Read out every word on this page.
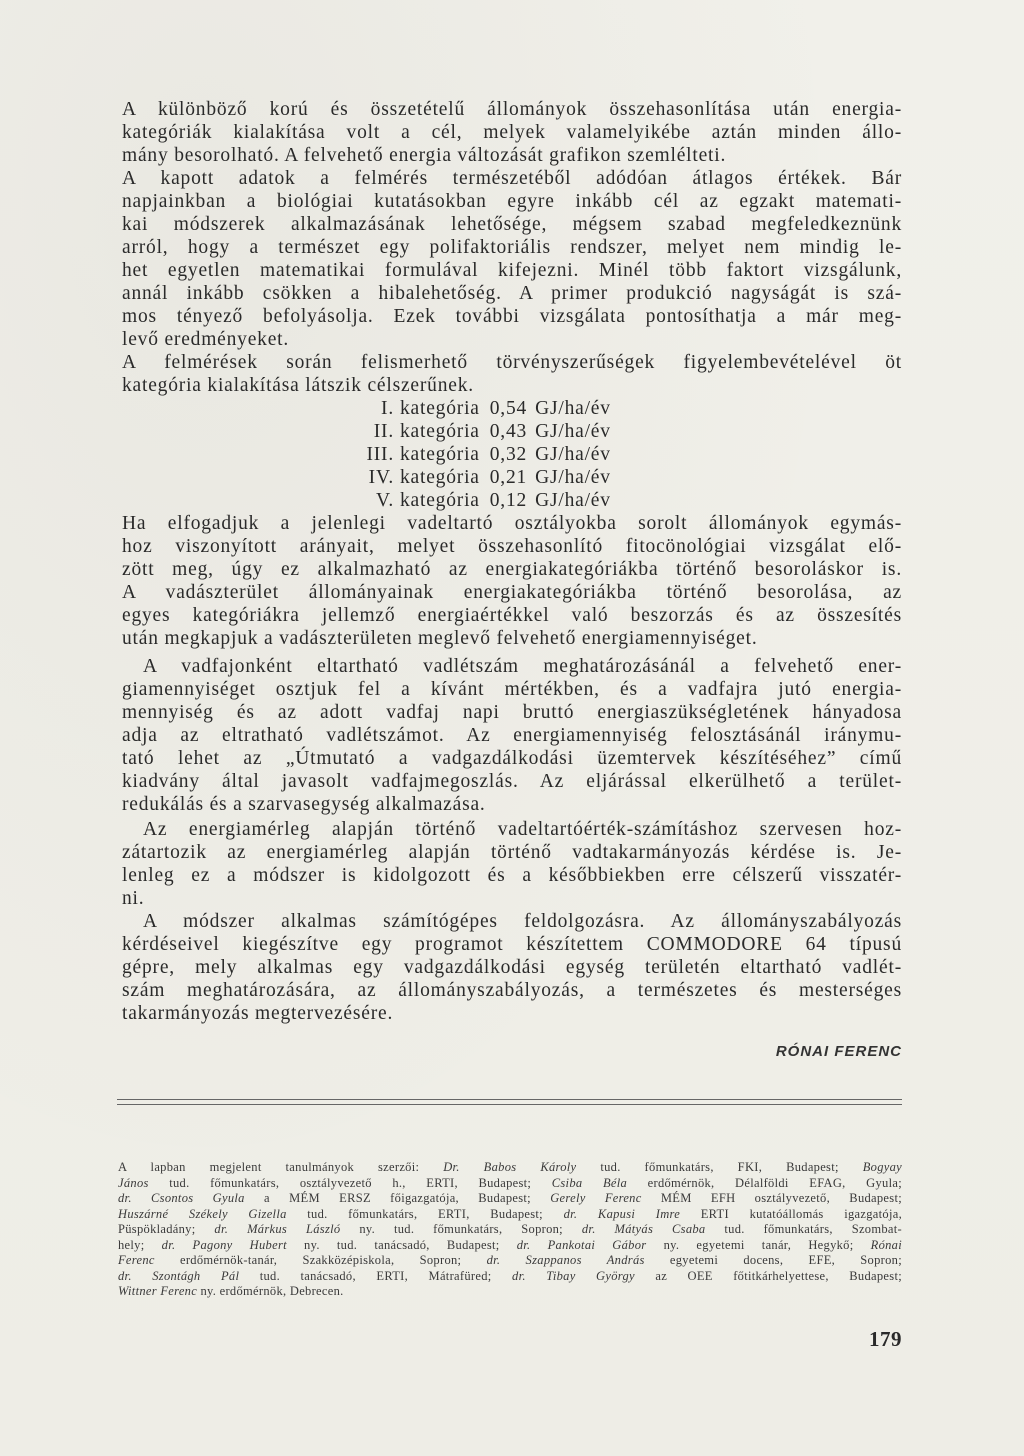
A különböző korú és összetételű állományok összehasonlítása után energia-
kategóriák kialakítása volt a cél, melyek valamelyikébe aztán minden állo-
mány besorolható. A felvehető energia változását grafikon szemlélteti.
A kapott adatok a felmérés természetéből adódóan átlagos értékek. Bár
napjainkban a biológiai kutatásokban egyre inkább cél az egzakt matemati-
kai módszerek alkalmazásának lehetősége, mégsem szabad megfeledkeznünk
arról, hogy a természet egy polifaktoriális rendszer, melyet nem mindig le-
het egyetlen matematikai formulával kifejezni. Minél több faktort vizsgálunk,
annál inkább csökken a hibalehetőség. A primer produkció nagyságát is szá-
mos tényező befolyásolja. Ezek további vizsgálata pontosíthatja a már meg-
levő eredményeket.
A felmérések során felismerhető törvényszerűségek figyelembevételével öt
kategória kialakítása látszik célszerűnek.
I. kategória 0,54 GJ/ha/év
II. kategória 0,43 GJ/ha/év
III. kategória 0,32 GJ/ha/év
IV. kategória 0,21 GJ/ha/év
V. kategória 0,12 GJ/ha/év
Ha elfogadjuk a jelenlegi vadeltartó osztályokba sorolt állományok egymás-
hoz viszonyított arányait, melyet összehasonlító fitocönológiai vizsgálat elő-
zött meg, úgy ez alkalmazható az energiakategóriákba történő besoroláskor is.
A vadászterület állományainak energiakategóriákba történő besorolása, az
egyes kategóriákra jellemző energiaértékkel való beszorzás és az összesítés
után megkapjuk a vadászterületen meglevő felvehető energiamennyiséget.
A vadfajonként eltartható vadlétszám meghatározásánál a felvehető ener-
giamennyiséget osztjuk fel a kívánt mértékben, és a vadfajra jutó energia-
mennyiség és az adott vadfaj napi bruttó energiaszükségletének hányadosa
adja az eltratható vadlétszámot. Az energiamennyiség felosztásánál iránymu-
tató lehet az „Útmutató a vadgazdálkodási üzemtervek készítéséhez” című
kiadvány által javasolt vadfajmegoszlás. Az eljárással elkerülhető a terület-
redukálás és a szarvasegység alkalmazása.
Az energiamérleg alapján történő vadeltartóérték-számításhoz szervesen hoz-
zátartozik az energiamérleg alapján történő vadtakarmányozás kérdése is. Je-
lenleg ez a módszer is kidolgozott és a későbbiekben erre célszerű visszatér-
ni.
A módszer alkalmas számítógépes feldolgozásra. Az állományszabályozás
kérdéseivel kiegészítve egy programot készítettem COMMODORE 64 típusú
gépre, mely alkalmas egy vadgazdálkodási egység területén eltartható vadlét-
szám meghatározására, az állományszabályozás, a természetes és mesterséges
takarmányozás megtervezésére.
RÓNAI FERENC
A lapban megjelent tanulmányok szerzői: Dr. Babos Károly tud. főmunkatárs, FKI, Budapest; Bogyay
János tud. főmunkatárs, osztályvezető h., ERTI, Budapest; Csiba Béla erdőmérnök, Délalföldi EFAG, Gyula;
dr. Csontos Gyula a MÉM ERSZ főigazgatója, Budapest; Gerely Ferenc MÉM EFH osztályvezető, Budapest;
Huszárné Székely Gizella tud. főmunkatárs, ERTI, Budapest; dr. Kapusi Imre ERTI kutatóállomás igazgatója,
Püspökladány; dr. Márkus László ny. tud. főmunkatárs, Sopron; dr. Mátyás Csaba tud. főmunkatárs, Szombat-
hely; dr. Pagony Hubert ny. tud. tanácsadó, Budapest; dr. Pankotai Gábor ny. egyetemi tanár, Hegykő; Rónai
Ferenc erdőmérnök-tanár, Szakközépiskola, Sopron; dr. Szappanos András egyetemi docens, EFE, Sopron;
dr. Szontágh Pál tud. tanácsadó, ERTI, Mátrafüred; dr. Tibay György az OEE főtitkárhelyettese, Budapest;
Wittner Ferenc ny. erdőmérnök, Debrecen.
179
